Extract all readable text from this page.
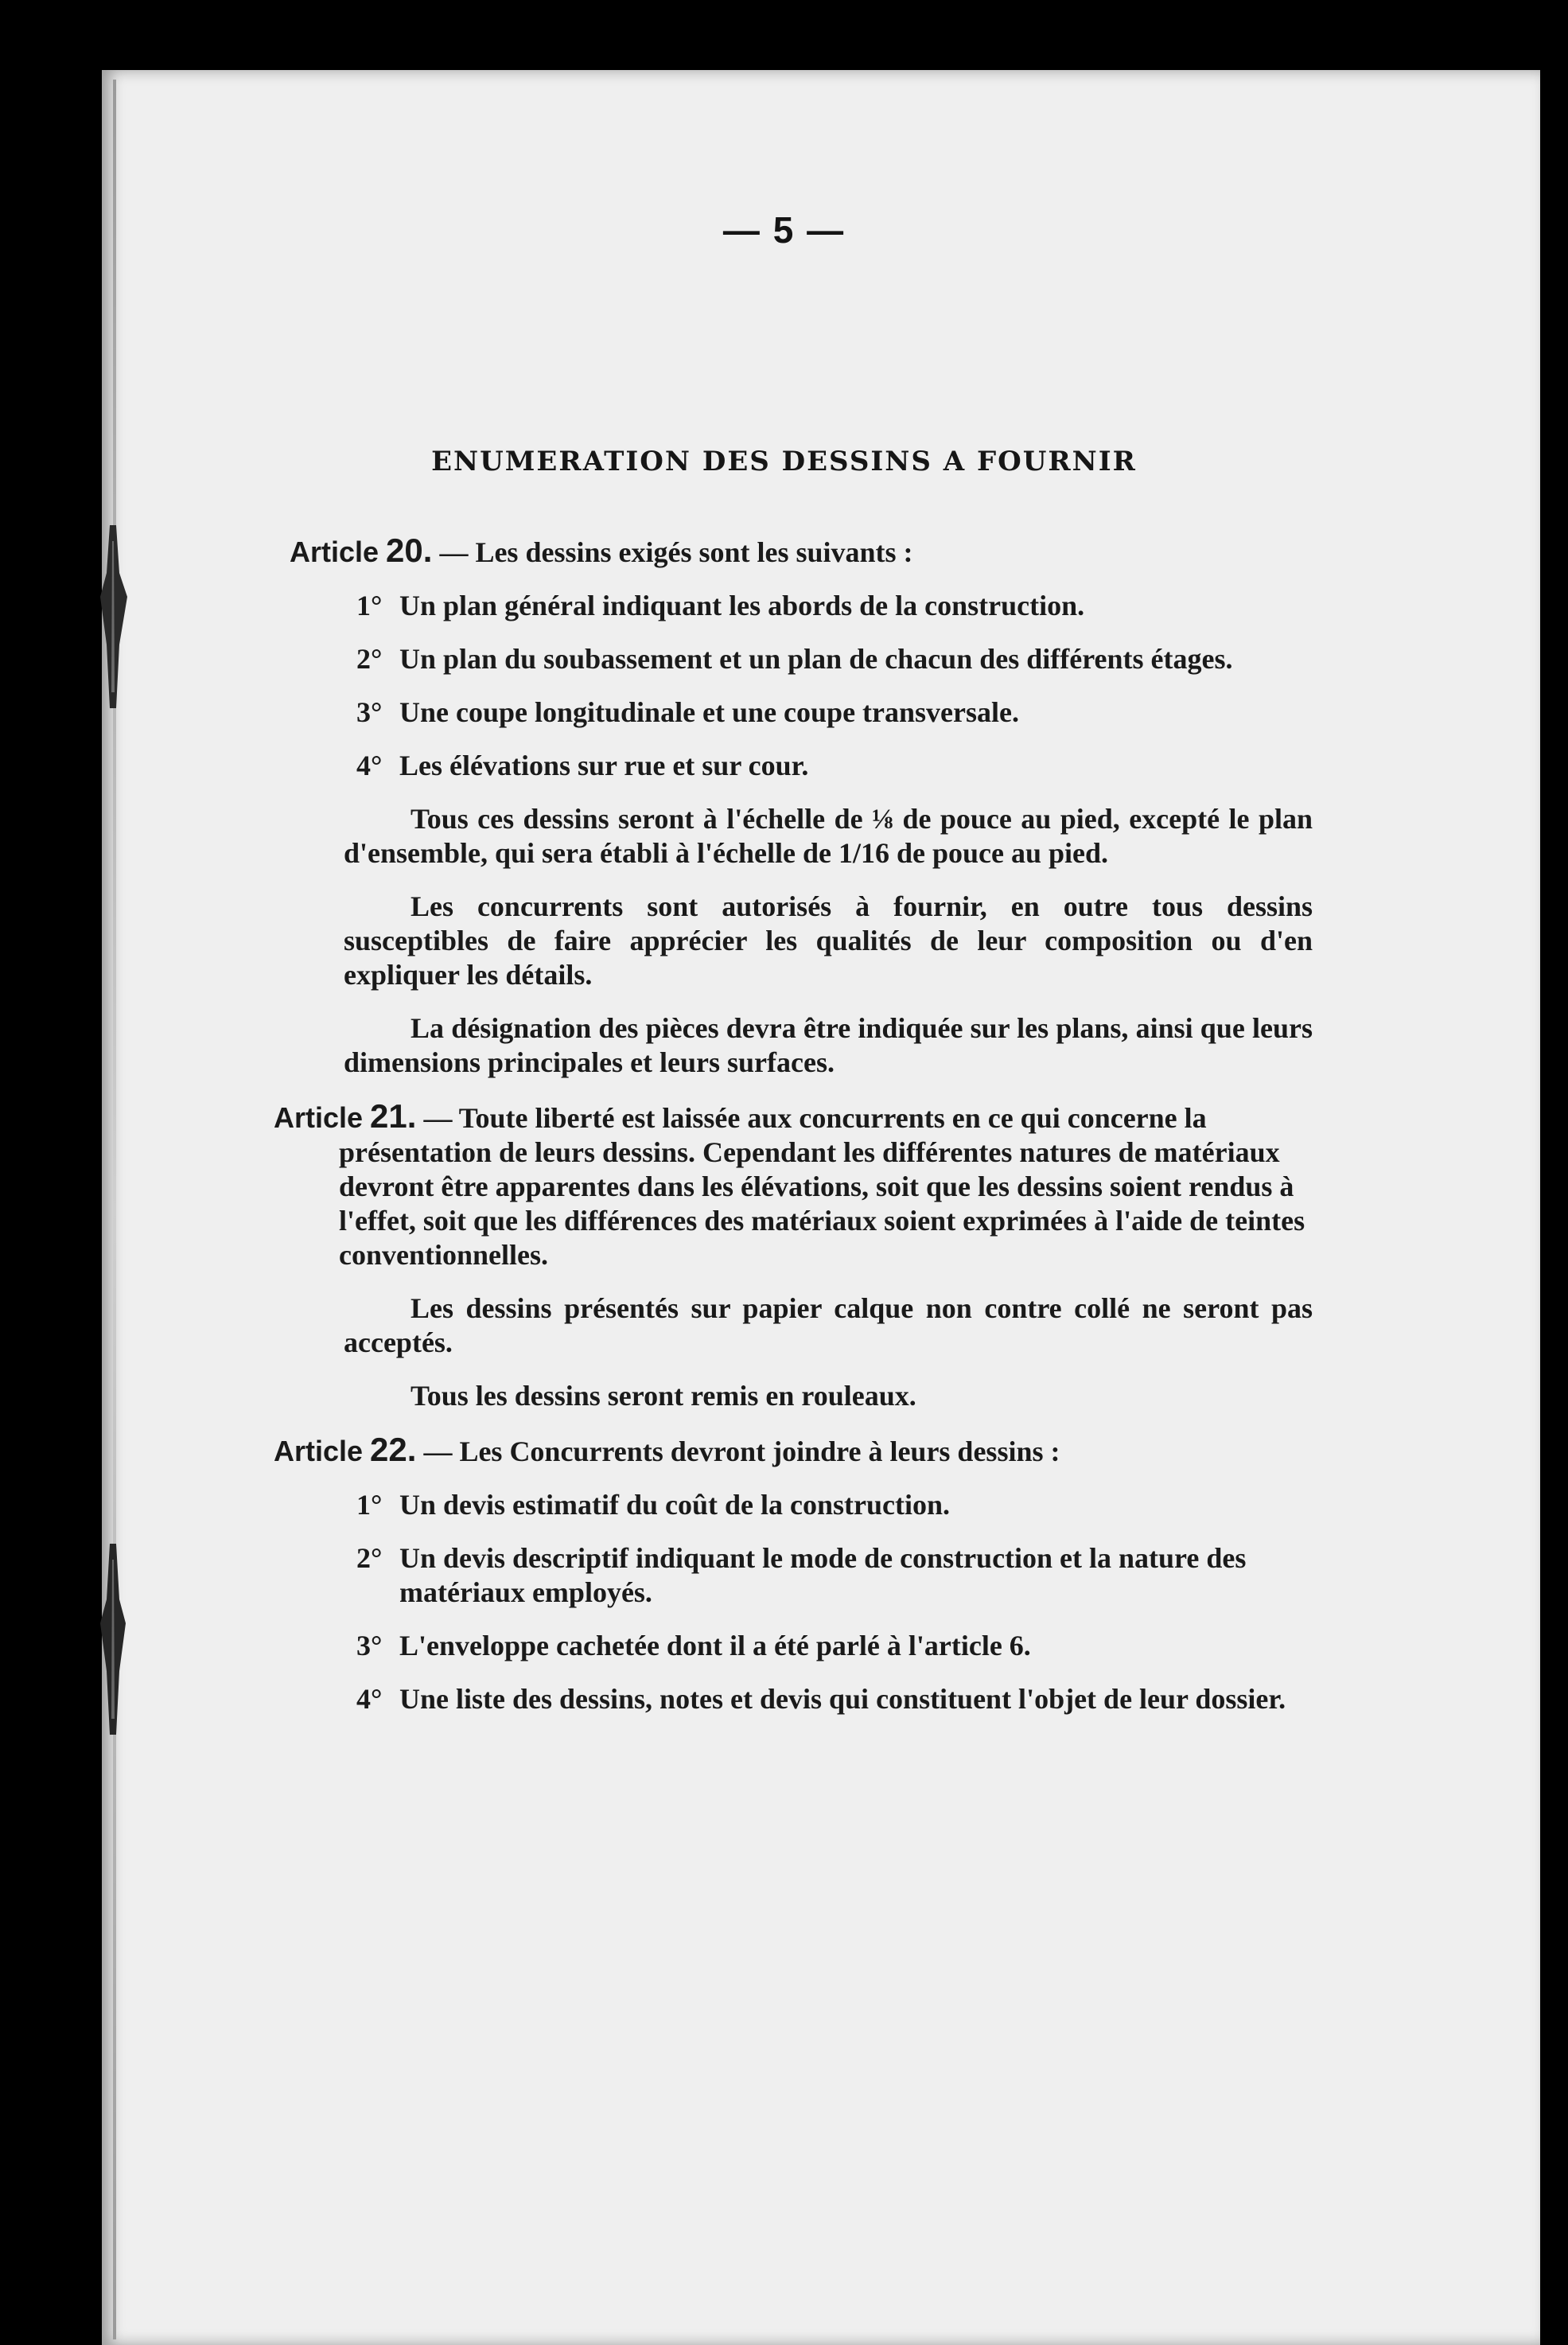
— 5 —
ENUMERATION DES DESSINS A FOURNIR

Article 20. — Les dessins exigés sont les suivants :

1° Un plan général indiquant les abords de la construction.
2° Un plan du soubassement et un plan de chacun des différents étages.
3° Une coupe longitudinale et une coupe transversale.
4° Les élévations sur rue et sur cour.

Tous ces dessins seront à l'échelle de ⅛ de pouce au pied, excepté le plan d'ensemble, qui sera établi à l'échelle de 1/16 de pouce au pied.

Les concurrents sont autorisés à fournir, en outre tous dessins susceptibles de faire apprécier les qualités de leur composition ou d'en expliquer les détails.

La désignation des pièces devra être indiquée sur les plans, ainsi que leurs dimensions principales et leurs surfaces.

Article 21. — Toute liberté est laissée aux concurrents en ce qui concerne la présentation de leurs dessins. Cependant les différentes natures de matériaux devront être apparentes dans les élévations, soit que les dessins soient rendus à l'effet, soit que les différences des matériaux soient exprimées à l'aide de teintes conventionnelles.

Les dessins présentés sur papier calque non contre collé ne seront pas acceptés.

Tous les dessins seront remis en rouleaux.

Article 22. — Les Concurrents devront joindre à leurs dessins :

1° Un devis estimatif du coût de la construction.
2° Un devis descriptif indiquant le mode de construction et la nature des matériaux employés.
3° L'enveloppe cachetée dont il a été parlé à l'article 6.
4° Une liste des dessins, notes et devis qui constituent l'objet de leur dossier.
